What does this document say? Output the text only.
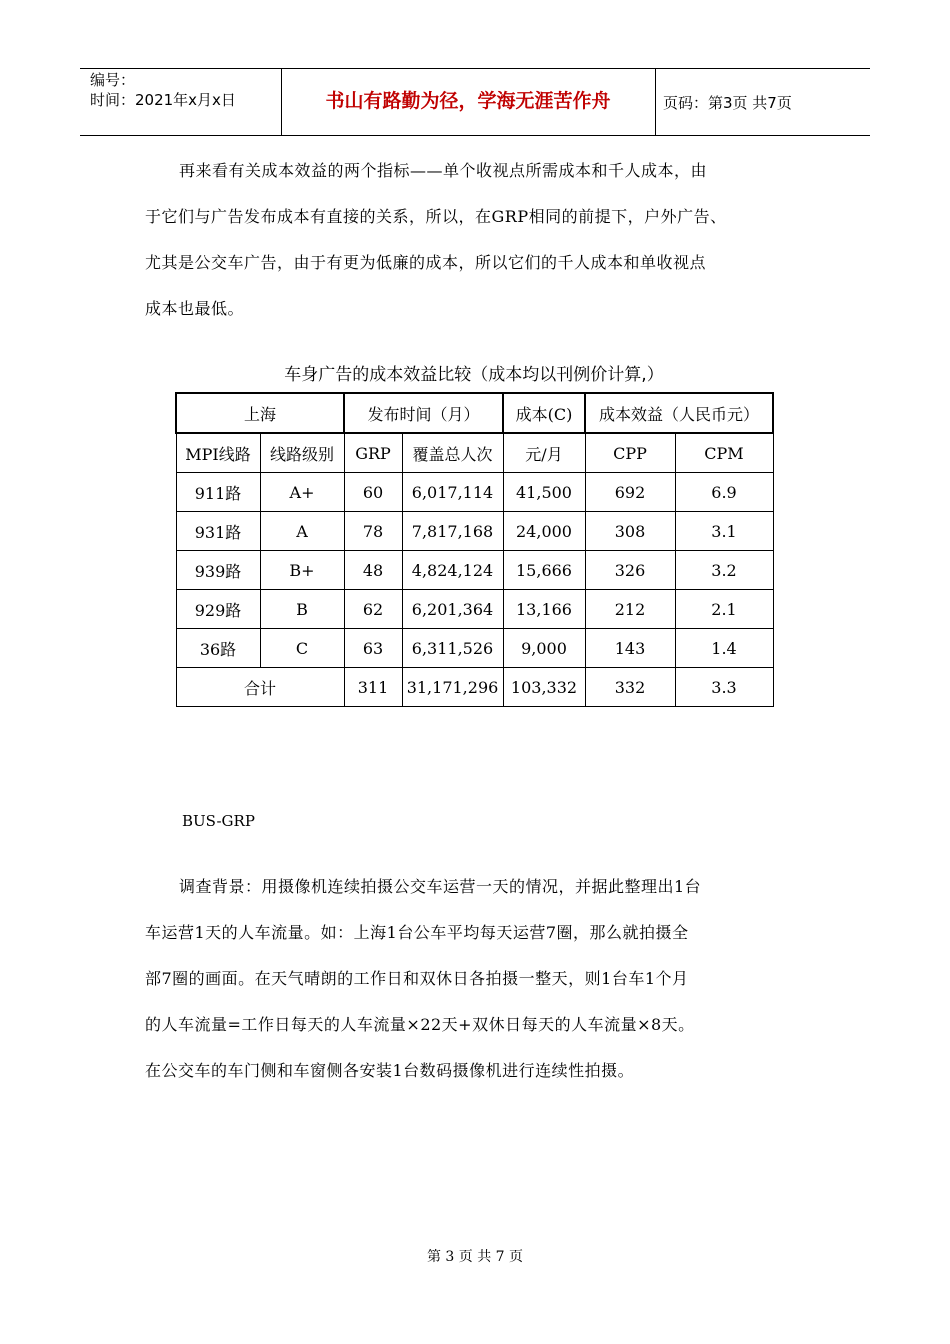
编号：
时间：2021年x月x日	书山有路勤为径，学海无涯苦作舟	页码：第3页 共7页

再来看有关成本效益的两个指标——单个收视点所需成本和千人成本，由

于它们与广告发布成本有直接的关系，所以，在GRP相同的前提下，户外广告、

尤其是公交车广告，由于有更为低廉的成本，所以它们的千人成本和单收视点

成本也最低。

车身广告的成本效益比较（成本均以刊例价计算,）
上海		发布时间（月）		成本(C)	成本效益（人民币元）	
MPI线路	线路级别	GRP	覆盖总人次	元/月	CPP	CPM
911路	A+	60	6,017,114	41,500	692	6.9
931路	A	78	7,817,168	24,000	308	3.1
939路	B+	48	4,824,124	15,666	326	3.2
929路	B	62	6,201,364	13,166	212	2.1
36路	C	63	6,311,526	9,000	143	1.4
合计		311	31,171,296	103,332	332	3.3
BUS-GRP

调查背景：用摄像机连续拍摄公交车运营一天的情况，并据此整理出1台

车运营1天的人车流量。如：上海1台公车平均每天运营7圈，那么就拍摄全

部7圈的画面。在天气晴朗的工作日和双休日各拍摄一整天，则1台车1个月

的人车流量=工作日每天的人车流量×22天+双休日每天的人车流量×8天。

在公交车的车门侧和车窗侧各安装1台数码摄像机进行连续性拍摄。

第 3 页 共 7 页
